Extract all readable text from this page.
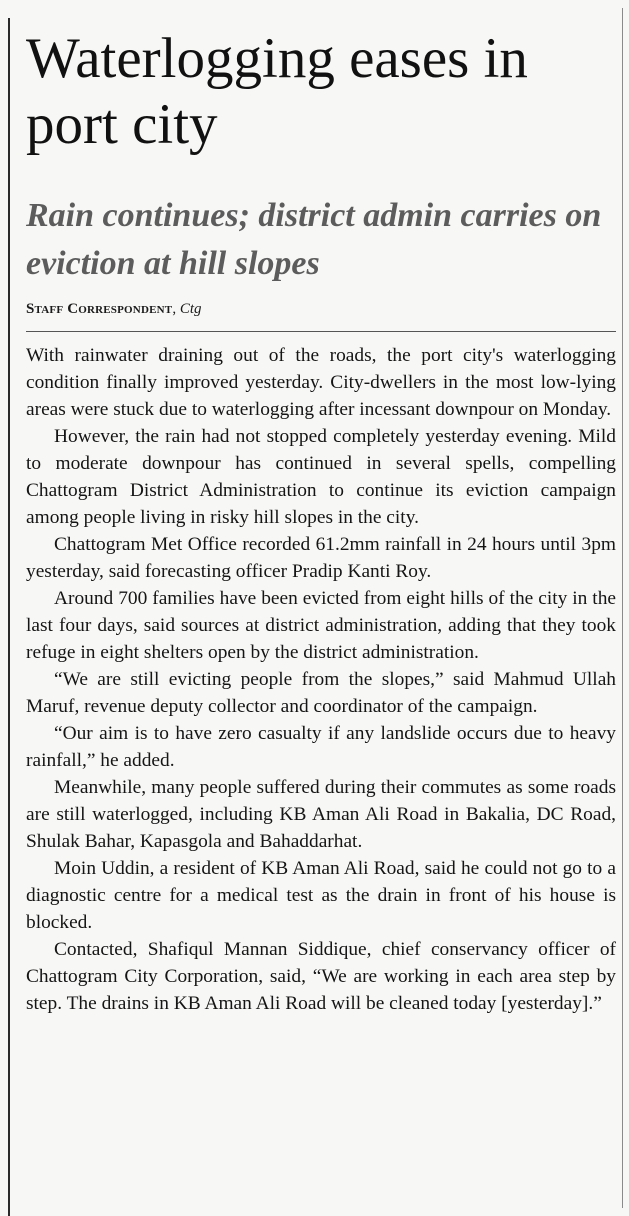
Waterlogging eases in port city
Rain continues; district admin carries on eviction at hill slopes
Staff Correspondent, Ctg

With rainwater draining out of the roads, the port city's waterlogging condition finally improved yesterday. City-dwellers in the most low-lying areas were stuck due to waterlogging after incessant downpour on Monday.

However, the rain had not stopped completely yesterday evening. Mild to moderate downpour has continued in several spells, compelling Chattogram District Administration to continue its eviction campaign among people living in risky hill slopes in the city.

Chattogram Met Office recorded 61.2mm rainfall in 24 hours until 3pm yesterday, said forecasting officer Pradip Kanti Roy.

Around 700 families have been evicted from eight hills of the city in the last four days, said sources at district administration, adding that they took refuge in eight shelters open by the district administration.

“We are still evicting people from the slopes,” said Mahmud Ullah Maruf, revenue deputy collector and coordinator of the campaign.

“Our aim is to have zero casualty if any landslide occurs due to heavy rainfall,” he added.

Meanwhile, many people suffered during their commutes as some roads are still waterlogged, including KB Aman Ali Road in Bakalia, DC Road, Shulak Bahar, Kapasgola and Bahaddarhat.

Moin Uddin, a resident of KB Aman Ali Road, said he could not go to a diagnostic centre for a medical test as the drain in front of his house is blocked.

Contacted, Shafiqul Mannan Siddique, chief conservancy officer of Chattogram City Corporation, said, “We are working in each area step by step. The drains in KB Aman Ali Road will be cleaned today [yesterday].”
